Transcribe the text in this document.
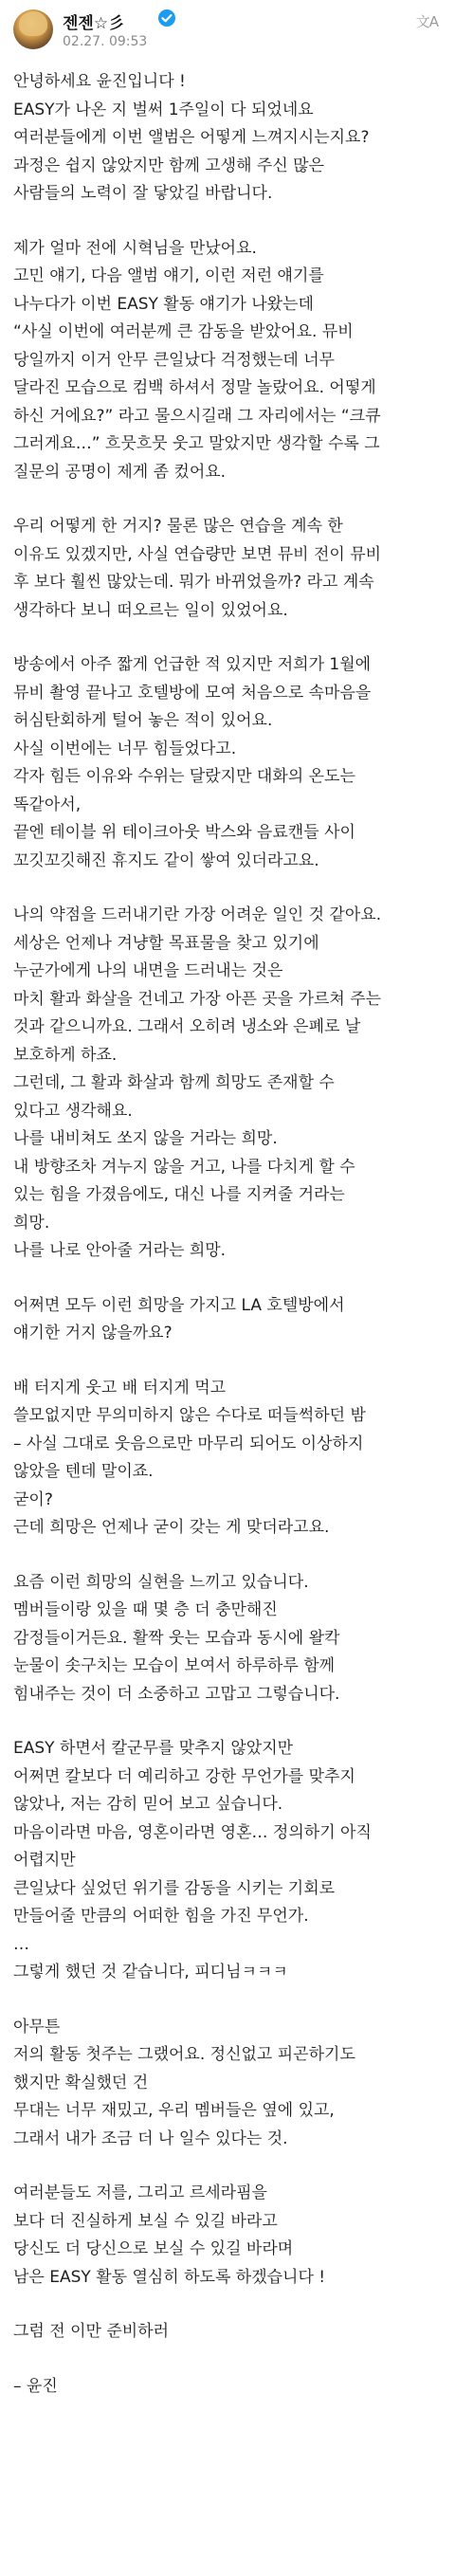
젠젠☆彡
02.27. 09:53
文A
안녕하세요 윤진입니다 !
EASY가 나온 지 벌써 1주일이 다 되었네요
여러분들에게 이번 앨범은 어떻게 느껴지시는지요?
과정은 쉽지 않았지만 함께 고생해 주신 많은
사람들의 노력이 잘 닿았길 바랍니다.
제가 얼마 전에 시혁님을 만났어요.
고민 얘기, 다음 앨범 얘기, 이런 저런 얘기를
나누다가 이번 EASY 활동 얘기가 나왔는데
“사실 이번에 여러분께 큰 감동을 받았어요. 뮤비
당일까지 이거 안무 큰일났다 걱정했는데 너무
달라진 모습으로 컴백 하셔서 정말 놀랐어요. 어떻게
하신 거에요?” 라고 물으시길래 그 자리에서는 “크큐
그러게요…” 흐뭇흐뭇 웃고 말았지만 생각할 수록 그
질문의 공명이 제게 좀 컸어요.
우리 어떻게 한 거지? 물론 많은 연습을 계속 한
이유도 있겠지만, 사실 연습량만 보면 뮤비 전이 뮤비
후 보다 훨씬 많았는데. 뭐가 바뀌었을까? 라고 계속
생각하다 보니 떠오르는 일이 있었어요.
방송에서 아주 짧게 언급한 적 있지만 저희가 1월에
뮤비 촬영 끝나고 호텔방에 모여 처음으로 속마음을
허심탄회하게 털어 놓은 적이 있어요.
사실 이번에는 너무 힘들었다고.
각자 힘든 이유와 수위는 달랐지만 대화의 온도는
똑같아서,
끝엔 테이블 위 테이크아웃 박스와 음료캔들 사이
꼬깃꼬깃해진 휴지도 같이 쌓여 있더라고요.
나의 약점을 드러내기란 가장 어려운 일인 것 같아요.
세상은 언제나 겨냥할 목표물을 찾고 있기에
누군가에게 나의 내면을 드러내는 것은
마치 활과 화살을 건네고 가장 아픈 곳을 가르쳐 주는
것과 같으니까요. 그래서 오히려 냉소와 은폐로 날
보호하게 하죠.
그런데, 그 활과 화살과 함께 희망도 존재할 수
있다고 생각해요.
나를 내비쳐도 쏘지 않을 거라는 희망.
내 방향조차 겨누지 않을 거고, 나를 다치게 할 수
있는 힘을 가졌음에도, 대신 나를 지켜줄 거라는
희망.
나를 나로 안아줄 거라는 희망.
어쩌면 모두 이런 희망을 가지고 LA 호텔방에서
얘기한 거지 않을까요?
배 터지게 웃고 배 터지게 먹고
쓸모없지만 무의미하지 않은 수다로 떠들썩하던 밤
– 사실 그대로 웃음으로만 마무리 되어도 이상하지
않았을 텐데 말이죠.
굳이?
근데 희망은 언제나 굳이 갖는 게 맞더라고요.
요즘 이런 희망의 실현을 느끼고 있습니다.
멤버들이랑 있을 때 몇 층 더 충만해진
감정들이거든요. 활짝 웃는 모습과 동시에 왈칵
눈물이 솟구치는 모습이 보여서 하루하루 함께
힘내주는 것이 더 소중하고 고맙고 그렇습니다.
EASY 하면서 칼군무를 맞추지 않았지만
어쩌면 칼보다 더 예리하고 강한 무언가를 맞추지
않았나, 저는 감히 믿어 보고 싶습니다.
마음이라면 마음, 영혼이라면 영혼… 정의하기 아직
어렵지만
큰일났다 싶었던 위기를 감동을 시키는 기회로
만들어줄 만큼의 어떠한 힘을 가진 무언가.
…
그렇게 했던 것 같습니다, 피디님ㅋㅋㅋ
아무튼
저의 활동 첫주는 그랬어요. 정신없고 피곤하기도
했지만 확실했던 건
무대는 너무 재밌고, 우리 멤버들은 옆에 있고,
그래서 내가 조금 더 나 일수 있다는 것.
여러분들도 저를, 그리고 르세라핌을
보다 더 진실하게 보실 수 있길 바라고
당신도 더 당신으로 보실 수 있길 바라며
남은 EASY 활동 열심히 하도록 하겠습니다 !
그럼 전 이만 준비하러
– 윤진
